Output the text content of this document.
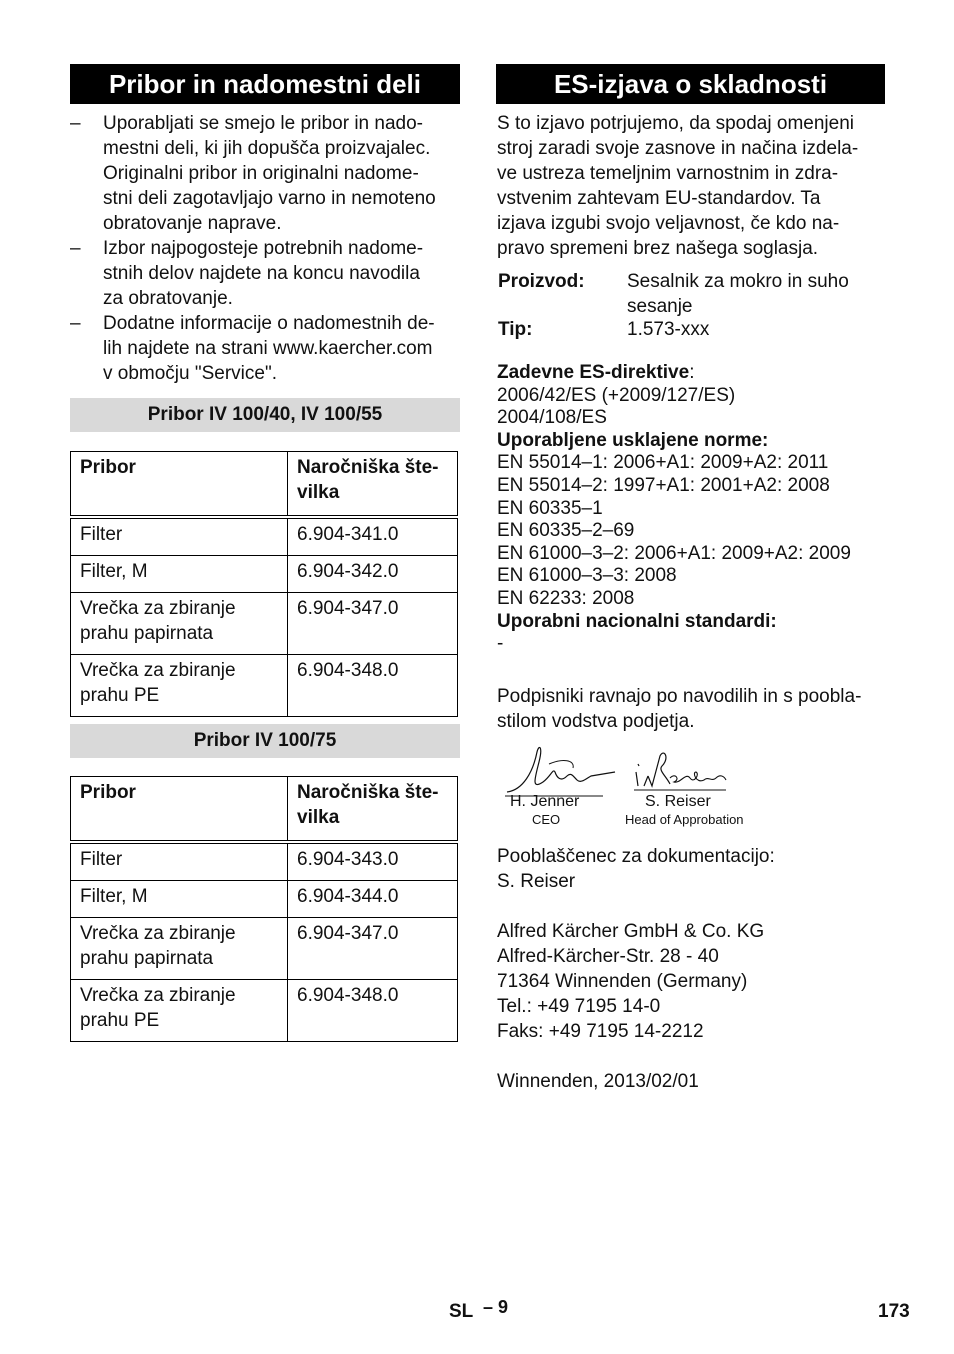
Pribor in nadomestni deli
– Uporabljati se smejo le pribor in nado-
mestni deli, ki jih dopušča proizvajalec.
Originalni pribor in originalni nadome-
stni deli zagotavljajo varno in nemoteno
obratovanje naprave.
– Izbor najpogosteje potrebnih nadome-
stnih delov najdete na koncu navodila
za obratovanje.
– Dodatne informacije o nadomestnih de-
lih najdete na strani www.kaercher.com
v območju "Service".
Pribor IV 100/40, IV 100/55
Pribor	Naročniška šte-
vilka

Filter	6.904-341.0
Filter, M	6.904-342.0

Vrečka za zbiranje
prahu papirnata	6.904-347.0

Vrečka za zbiranje
prahu PE	6.904-348.0
Pribor IV 100/75
Pribor	Naročniška šte-
vilka

Filter	6.904-343.0
Filter, M	6.904-344.0

Vrečka za zbiranje
prahu papirnata	6.904-347.0

Vrečka za zbiranje
prahu PE	6.904-348.0
ES-izjava o skladnosti
S to izjavo potrjujemo, da spodaj omenjeni
stroj zaradi svoje zasnove in načina izdela-
ve ustreza temeljnim varnostnim in zdra-
vstvenim zahtevam EU-standardov. Ta
izjava izgubi svojo veljavnost, če kdo na-
pravo spremeni brez našega soglasja.
Proizvod: Sesalnik za mokro in suho
sesanje
Tip:	1.573-xxx
Zadevne ES-direktive:
2006/42/ES (+2009/127/ES)
2004/108/ES
Uporabljene usklajene norme:
EN 55014–1: 2006+A1: 2009+A2: 2011
EN 55014–2: 1997+A1: 2001+A2: 2008
EN 60335–1
EN 60335–2–69
EN 61000–3–2: 2006+A1: 2009+A2: 2009
EN 61000–3–3: 2008
EN 62233: 2008
Uporabni nacionalni standardi:
-
Podpisniki ravnajo po navodilih in s poobla-
stilom vodstva podjetja.
H. Jenner
CEO
S. Reiser
Head of Approbation
Pooblaščenec za dokumentacijo:
S. Reiser
Alfred Kärcher GmbH & Co. KG
Alfred-Kärcher-Str. 28 - 40
71364 Winnenden (Germany)
Tel.: +49 7195 14-0
Faks: +49 7195 14-2212
Winnenden, 2013/02/01
SL – 9	173
